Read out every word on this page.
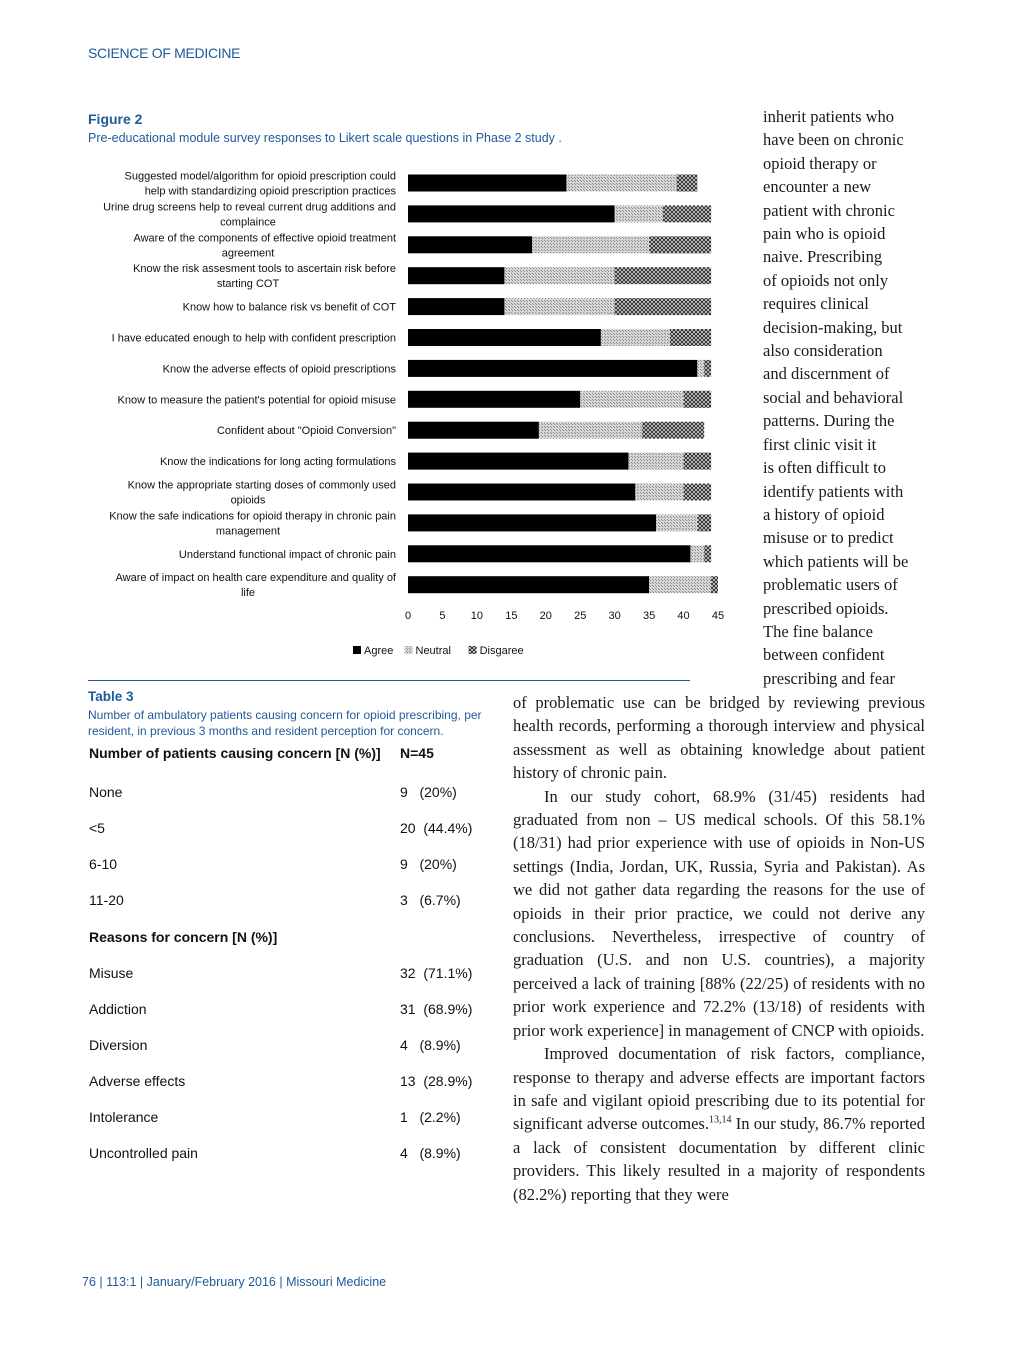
SCIENCE OF MEDICINE
Figure 2
Pre-educational module survey responses to Likert scale questions in Phase 2 study .
Suggested model/algorithm for opioid prescription could
help with standardizing opioid prescription practices
Urine drug screens help to reveal current drug additions and
complaince
Aware of the components of effective opioid treatment
agreement
Know the risk assesment tools to ascertain risk before
starting COT
Know how to balance risk vs benefit of COT
I have educated enough to help with confident prescription
Know the adverse effects of opioid prescriptions
Know to measure the patient's potential for opioid misuse
Confident about "Opioid Conversion"
Know the indications for long acting formulations
Know the appropriate starting doses of commonly used
opioids
Know the safe indications for opioid therapy in chronic pain
management
Understand functional impact of chronic pain
Aware of impact on health care expenditure and quality of
life
0	5 10 15 20 25 30 35 40 45
Agree Neutral	Disgaree
Table 3
Number of ambulatory patients causing concern for opioid prescribing, per resident, in previous 3 months and resident perception for concern.
Number of patients causing concern [N (%)] N=45
None	9   (20%)
<5	20  (44.4%)
6-10	9   (20%)
11-20	3   (6.7%)
Reasons for concern [N (%)]
Misuse	32  (71.1%)
Addiction	31  (68.9%)
Diversion	4   (8.9%)
Adverse effects	13  (28.9%)
Intolerance	1   (2.2%)
Uncontrolled pain	4   (8.9%)
inherit patients who
have been on chronic
opioid therapy or
encounter a new
patient with chronic
pain who is opioid
naive. Prescribing
of opioids not only
requires clinical
decision-making, but
also consideration
and discernment of
social and behavioral
patterns. During the
first clinic visit it
is often difficult to
identify patients with
a history of opioid
misuse or to predict
which patients will be
problematic users of
prescribed opioids.
The fine balance
between confident
prescribing and fear

of problematic use can be bridged by reviewing previous health records, performing a thorough interview and physical assessment as well as obtaining knowledge about patient history of chronic pain.

In our study cohort, 68.9% (31/45) residents had graduated from non – US medical schools. Of this 58.1% (18/31) had prior experience with use of opioids in Non-US settings (India, Jordan, UK, Russia, Syria and Pakistan). As we did not gather data regarding the reasons for the use of opioids in their prior practice, we could not derive any conclusions. Nevertheless, irrespective of country of graduation (U.S. and non U.S. countries), a majority perceived a lack of training [88% (22/25) of residents with no prior work experience and 72.2% (13/18) of residents with prior work experience] in management of CNCP with opioids.

Improved documentation of risk factors, compliance, response to therapy and adverse effects are important factors in safe and vigilant opioid prescribing due to its potential for significant adverse outcomes.$^{13,14}$ In our study, 86.7% reported a lack of consistent documentation by different clinic providers. This likely resulted in a majority of respondents (82.2%) reporting that they were

76 | 113:1 | January/February 2016 | Missouri Medicine
